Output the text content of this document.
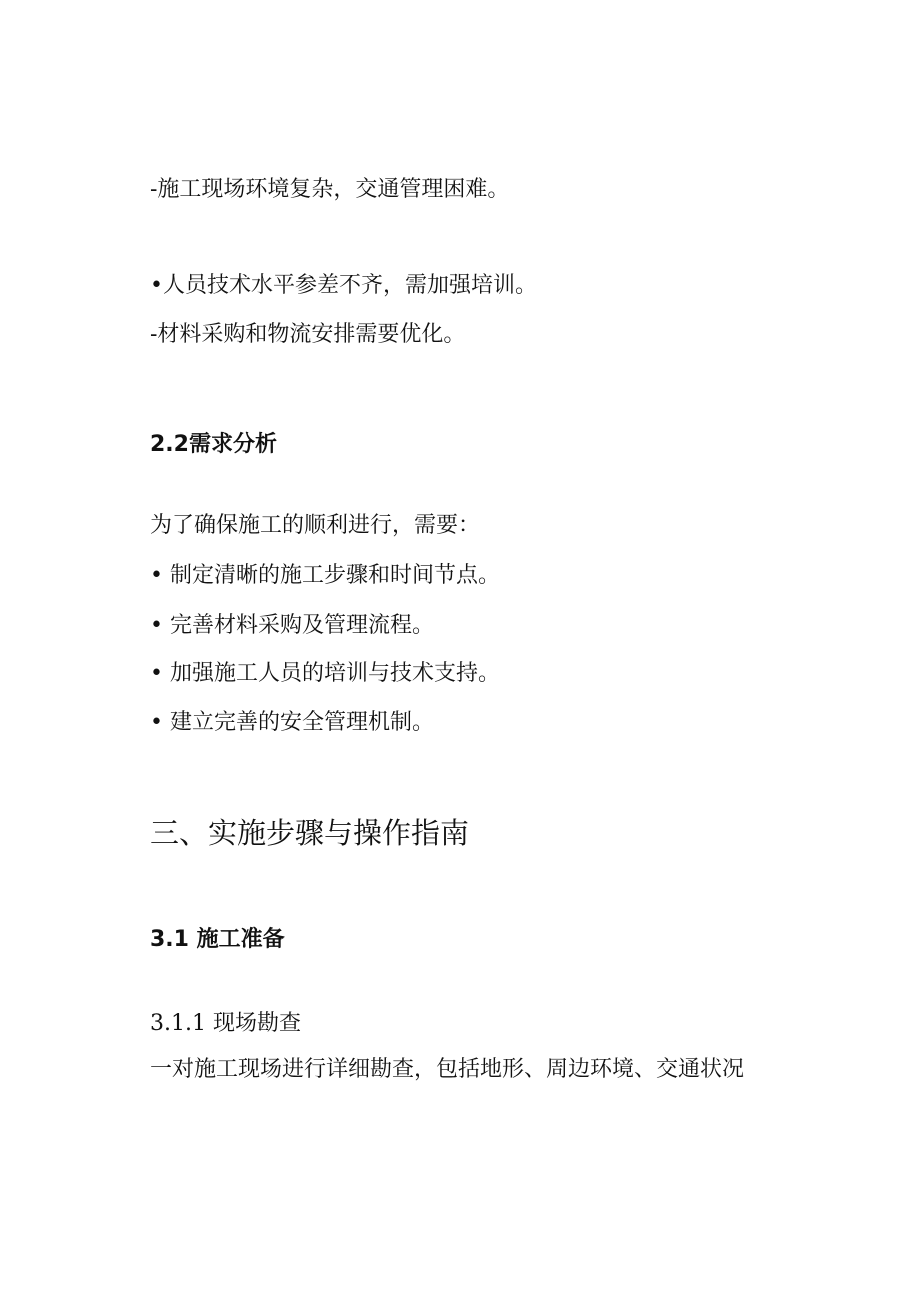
-施工现场环境复杂，交通管理困难。
•人员技术水平参差不齐，需加强培训。
-材料采购和物流安排需要优化。
2.2需求分析
为了确保施工的顺利进行，需要：
• 制定清晰的施工步骤和时间节点。
• 完善材料采购及管理流程。
• 加强施工人员的培训与技术支持。
• 建立完善的安全管理机制。
三、实施步骤与操作指南
3.1 施工准备
3.1.1 现场勘查
一对施工现场进行详细勘查，包括地形、周边环境、交通状况
